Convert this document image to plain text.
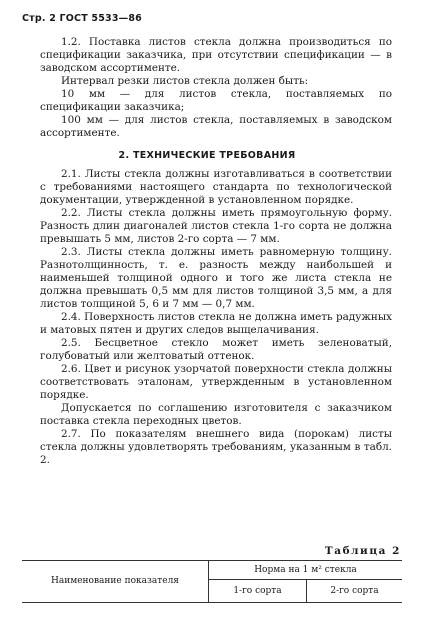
Стр. 2 ГОСТ 5533—86

1.2. Поставка листов стекла должна производиться по спецификации заказчика, при отсутствии спецификации — в заводском ассортименте.

Интервал резки листов стекла должен быть:

10 мм — для листов стекла, поставляемых по спецификации заказчика;

100 мм — для листов стекла, поставляемых в заводском ассортименте.

2. ТЕХНИЧЕСКИЕ ТРЕБОВАНИЯ

2.1. Листы стекла должны изготавливаться в соответствии с требованиями настоящего стандарта по технологической документации, утвержденной в установленном порядке.

2.2. Листы стекла должны иметь прямоугольную форму. Разность длин диагоналей листов стекла 1-го сорта не должна превышать 5 мм, листов 2-го сорта — 7 мм.

2.3. Листы стекла должны иметь равномерную толщину. Разнотолщинность, т. е. разность между наибольшей и наименьшей толщиной одного и того же листа стекла не должна превышать 0,5 мм для листов толщиной 3,5 мм, а для листов толщиной 5, 6 и 7 мм — 0,7 мм.

2.4. Поверхность листов стекла не должна иметь радужных и матовых пятен и других следов выщелачивания.

2.5. Бесцветное стекло может иметь зеленоватый, голубоватый или желтоватый оттенок.

2.6. Цвет и рисунок узорчатой поверхности стекла должны соответствовать эталонам, утвержденным в установленном порядке.

Допускается по соглашению изготовителя с заказчиком поставка стекла переходных цветов.

2.7. По показателям внешнего вида (порокам) листы стекла должны удовлетворять требованиям, указанным в табл. 2.

Таблица 2
Наименование показателя	Норма на 1 м² стекла	
	1-го сорта	2-го сорта
